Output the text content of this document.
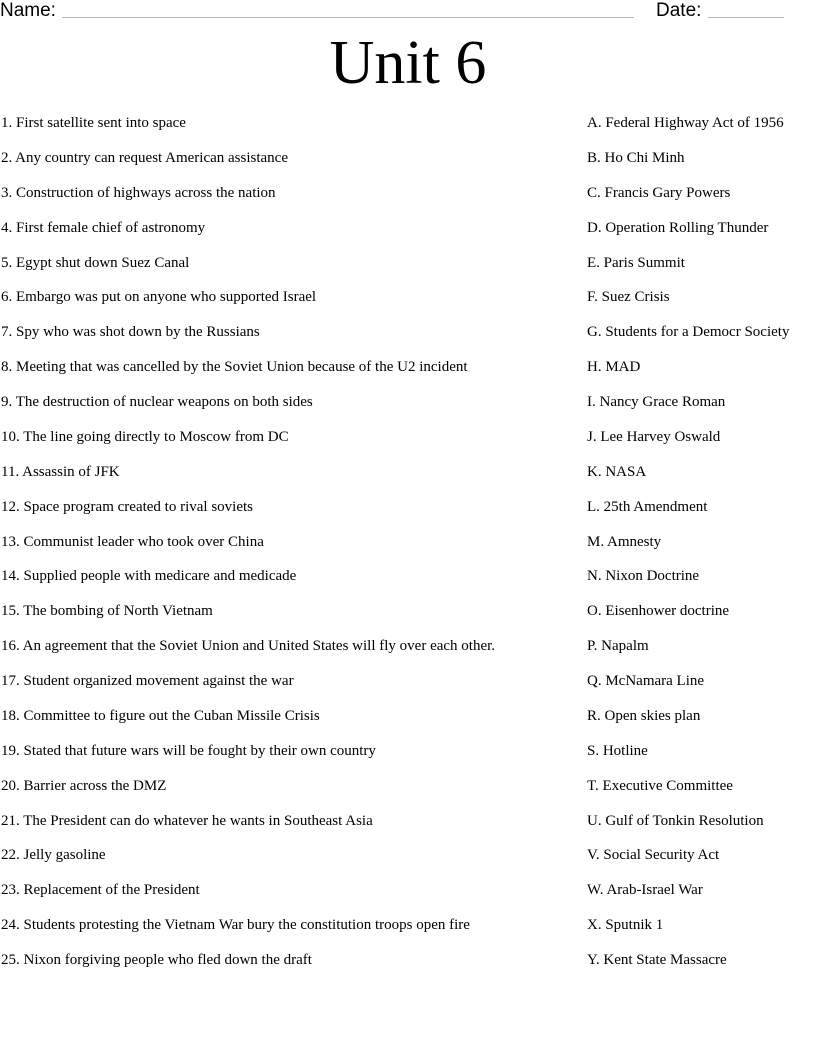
Name:	Date:
Unit 6
1. First satellite sent into space
2. Any country can request American assistance
3. Construction of highways across the nation
4. First female chief of astronomy
5. Egypt shut down Suez Canal
6. Embargo was put on anyone who supported Israel
7. Spy who was shot down by the Russians
8. Meeting that was cancelled by the Soviet Union because of the U2 incident
9. The destruction of nuclear weapons on both sides
10. The line going directly to Moscow from DC
11. Assassin of JFK
12. Space program created to rival soviets
13. Communist leader who took over China
14. Supplied people with medicare and medicade
15. The bombing of North Vietnam
16. An agreement that the Soviet Union and United States will fly over each other.
17. Student organized movement against the war
18. Committee to figure out the Cuban Missile Crisis
19. Stated that future wars will be fought by their own country
20. Barrier across the DMZ
21. The President can do whatever he wants in Southeast Asia
22. Jelly gasoline
23. Replacement of the President
24. Students protesting the Vietnam War bury the constitution troops open fire
25. Nixon forgiving people who fled down the draft
A. Federal Highway Act of 1956
B. Ho Chi Minh
C. Francis Gary Powers
D. Operation Rolling Thunder
E. Paris Summit
F. Suez Crisis
G. Students for a Democr Society
H. MAD
I. Nancy Grace Roman
J. Lee Harvey Oswald
K. NASA
L. 25th Amendment
M. Amnesty
N. Nixon Doctrine
O. Eisenhower doctrine
P. Napalm
Q. McNamara Line
R. Open skies plan
S. Hotline
T. Executive Committee
U. Gulf of Tonkin Resolution
V. Social Security Act
W. Arab-Israel War
X. Sputnik 1
Y. Kent State Massacre
